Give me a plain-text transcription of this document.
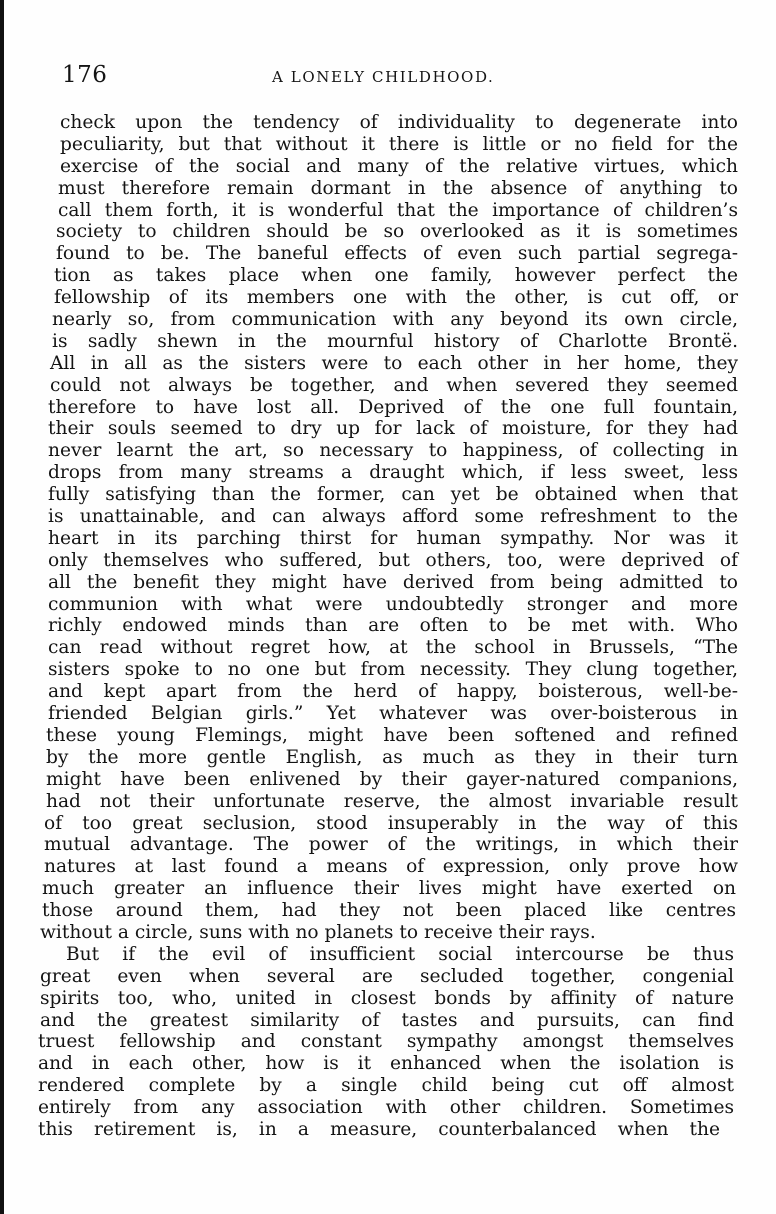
176	A LONELY CHILDHOOD.
check upon the tendency of individuality to degenerate into
peculiarity, but that without it there is little or no field for the
exercise of the social and many of the relative virtues, which
must therefore remain dormant in the absence of anything to
call them forth, it is wonderful that the importance of children’s
society to children should be so overlooked as it is sometimes
found to be. The baneful effects of even such partial segrega-
tion as takes place when one family, however perfect the
fellowship of its members one with the other, is cut off, or
nearly so, from communication with any beyond its own circle,
is sadly shewn in the mournful history of Charlotte Brontë.
All in all as the sisters were to each other in her home, they
could not always be together, and when severed they seemed
therefore to have lost all. Deprived of the one full fountain,
their souls seemed to dry up for lack of moisture, for they had
never learnt the art, so necessary to happiness, of collecting in
drops from many streams a draught which, if less sweet, less
fully satisfying than the former, can yet be obtained when that
is unattainable, and can always afford some refreshment to the
heart in its parching thirst for human sympathy. Nor was it
only themselves who suffered, but others, too, were deprived of
all the benefit they might have derived from being admitted to
communion with what were undoubtedly stronger and more
richly endowed minds than are often to be met with. Who
can read without regret how, at the school in Brussels, “The
sisters spoke to no one but from necessity. They clung together,
and kept apart from the herd of happy, boisterous, well-be-
friended Belgian girls.” Yet whatever was over-boisterous in
these young Flemings, might have been softened and refined
by the more gentle English, as much as they in their turn
might have been enlivened by their gayer-natured companions,
had not their unfortunate reserve, the almost invariable result
of too great seclusion, stood insuperably in the way of this
mutual advantage. The power of the writings, in which their
natures at last found a means of expression, only prove how
much greater an influence their lives might have exerted on
those around them, had they not been placed like centres
without a circle, suns with no planets to receive their rays.
But if the evil of insufficient social intercourse be thus
great even when several are secluded together, congenial
spirits too, who, united in closest bonds by affinity of nature
and the greatest similarity of tastes and pursuits, can find
truest fellowship and constant sympathy amongst themselves
and in each other, how is it enhanced when the isolation is
rendered complete by a single child being cut off almost
entirely from any association with other children. Sometimes
this retirement is, in a measure, counterbalanced when the
